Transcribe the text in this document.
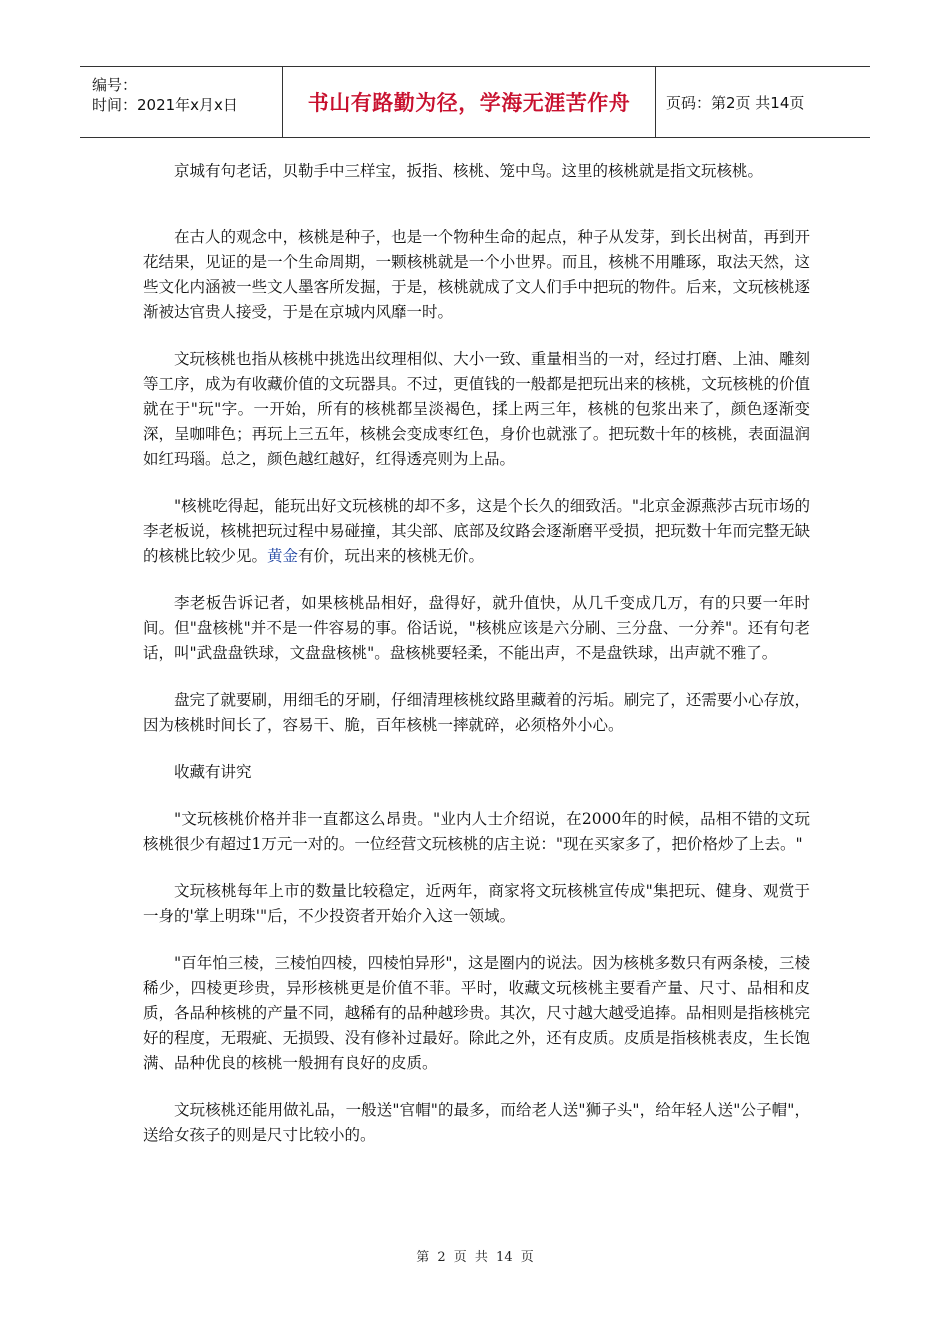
编号：
时间：2021年x月x日	书山有路勤为径，学海无涯苦作舟 页码：第2页 共14页

京城有句老话，贝勒手中三样宝，扳指、核桃、笼中鸟。这里的核桃就是指文玩核桃。

在古人的观念中，核桃是种子，也是一个物种生命的起点，种子从发芽，到长出树苗，再到开花结果，见证的是一个生命周期，一颗核桃就是一个小世界。而且，核桃不用雕琢，取法天然，这些文化内涵被一些文人墨客所发掘，于是，核桃就成了文人们手中把玩的物件。后来，文玩核桃逐渐被达官贵人接受，于是在京城内风靡一时。

文玩核桃也指从核桃中挑选出纹理相似、大小一致、重量相当的一对，经过打磨、上油、雕刻等工序，成为有收藏价值的文玩器具。不过，更值钱的一般都是把玩出来的核桃，文玩核桃的价值就在于"玩"字。一开始，所有的核桃都呈淡褐色，揉上两三年，核桃的包浆出来了，颜色逐渐变深，呈咖啡色；再玩上三五年，核桃会变成枣红色，身价也就涨了。把玩数十年的核桃，表面温润如红玛瑙。总之，颜色越红越好，红得透亮则为上品。

"核桃吃得起，能玩出好文玩核桃的却不多，这是个长久的细致活。"北京金源燕莎古玩市场的李老板说，核桃把玩过程中易碰撞，其尖部、底部及纹路会逐渐磨平受损，把玩数十年而完整无缺的核桃比较少见。黄金有价，玩出来的核桃无价。

李老板告诉记者，如果核桃品相好，盘得好，就升值快，从几千变成几万，有的只要一年时间。但"盘核桃"并不是一件容易的事。俗话说，"核桃应该是六分刷、三分盘、一分养"。还有句老话，叫"武盘盘铁球，文盘盘核桃"。盘核桃要轻柔，不能出声，不是盘铁球，出声就不雅了。

盘完了就要刷，用细毛的牙刷，仔细清理核桃纹路里藏着的污垢。刷完了，还需要小心存放，因为核桃时间长了，容易干、脆，百年核桃一摔就碎，必须格外小心。

收藏有讲究

"文玩核桃价格并非一直都这么昂贵。"业内人士介绍说，在2000年的时候，品相不错的文玩核桃很少有超过1万元一对的。一位经营文玩核桃的店主说："现在买家多了，把价格炒了上去。"

文玩核桃每年上市的数量比较稳定，近两年，商家将文玩核桃宣传成"集把玩、健身、观赏于一身的'掌上明珠'"后，不少投资者开始介入这一领域。

"百年怕三棱，三棱怕四棱，四棱怕异形"，这是圈内的说法。因为核桃多数只有两条棱，三棱稀少，四棱更珍贵，异形核桃更是价值不菲。平时，收藏文玩核桃主要看产量、尺寸、品相和皮质，各品种核桃的产量不同，越稀有的品种越珍贵。其次，尺寸越大越受追捧。品相则是指核桃完好的程度，无瑕疵、无损毁、没有修补过最好。除此之外，还有皮质。皮质是指核桃表皮，生长饱满、品种优良的核桃一般拥有良好的皮质。

文玩核桃还能用做礼品，一般送"官帽"的最多，而给老人送"狮子头"，给年轻人送"公子帽"，送给女孩子的则是尺寸比较小的。

第 2 页 共 14 页
